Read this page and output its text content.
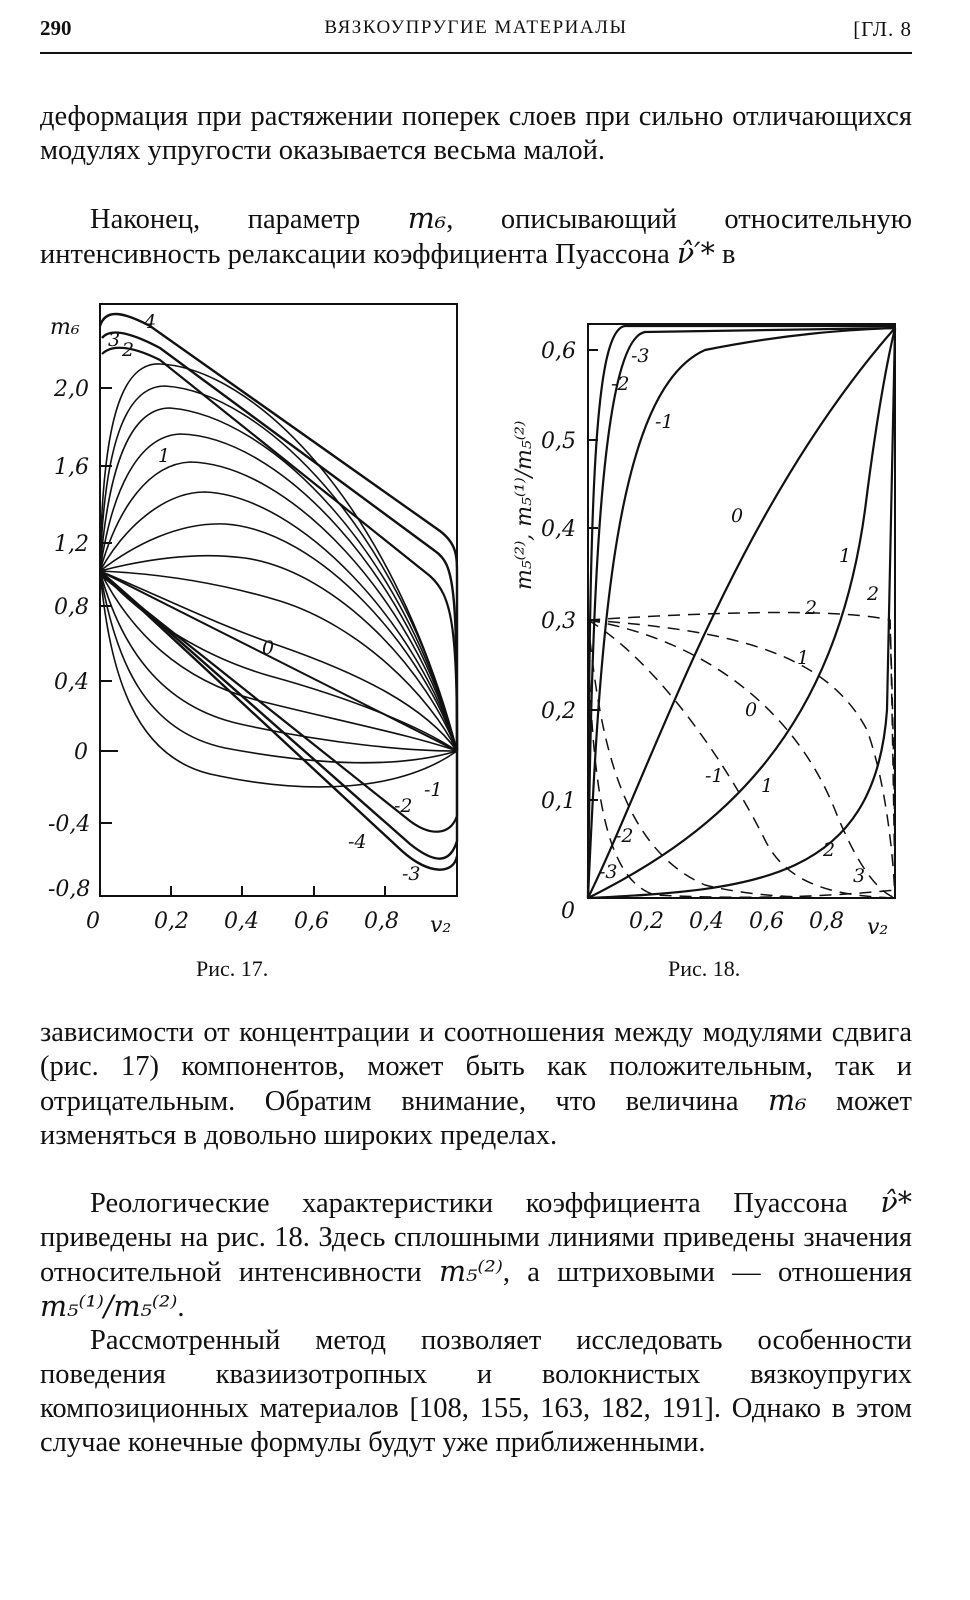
290	ВЯЗКОУПРУГИЕ МАТЕРИАЛЫ	[ГЛ. 8

деформация при растяжении поперек слоев при сильно отличающихся модулях упругости оказывается весьма малой.

Наконец, параметр m₆, описывающий относительную интенсивность релаксации коэффициента Пуассона ν̂′* в

m₆
2,0
1,6
1,2
0,8
0,4
0
-0,4
-0,8
0 0,2 0,4 0,6 0,8 v₂
4
3 2
1
0
-1
-2
-4
-3
Рис. 17.
m₅⁽²⁾, m₅⁽¹⁾/m₅⁽²⁾
0,6
0,5
0,4
0,3
0,2
0,1
0 0,2 0,4 0,6 0,8 v₂
-3
-2
-1
0
1
2
2
1
0
-1 1
-2
2
-3	3
Рис. 18.

зависимости от концентрации и соотношения между модулями сдвига (рис. 17) компонентов, может быть как положительным, так и отрицательным. Обратим внимание, что величина m₆ может изменяться в довольно широких пределах.

Реологические характеристики коэффициента Пуассона ν̂* приведены на рис. 18. Здесь сплошными линиями приведены значения относительной интенсивности m₅⁽²⁾, а штриховыми — отношения m₅⁽¹⁾/m₅⁽²⁾.

Рассмотренный метод позволяет исследовать особенности поведения квазиизотропных и волокнистых вязкоупругих композиционных материалов [108, 155, 163, 182, 191]. Однако в этом случае конечные формулы будут уже приближенными.
